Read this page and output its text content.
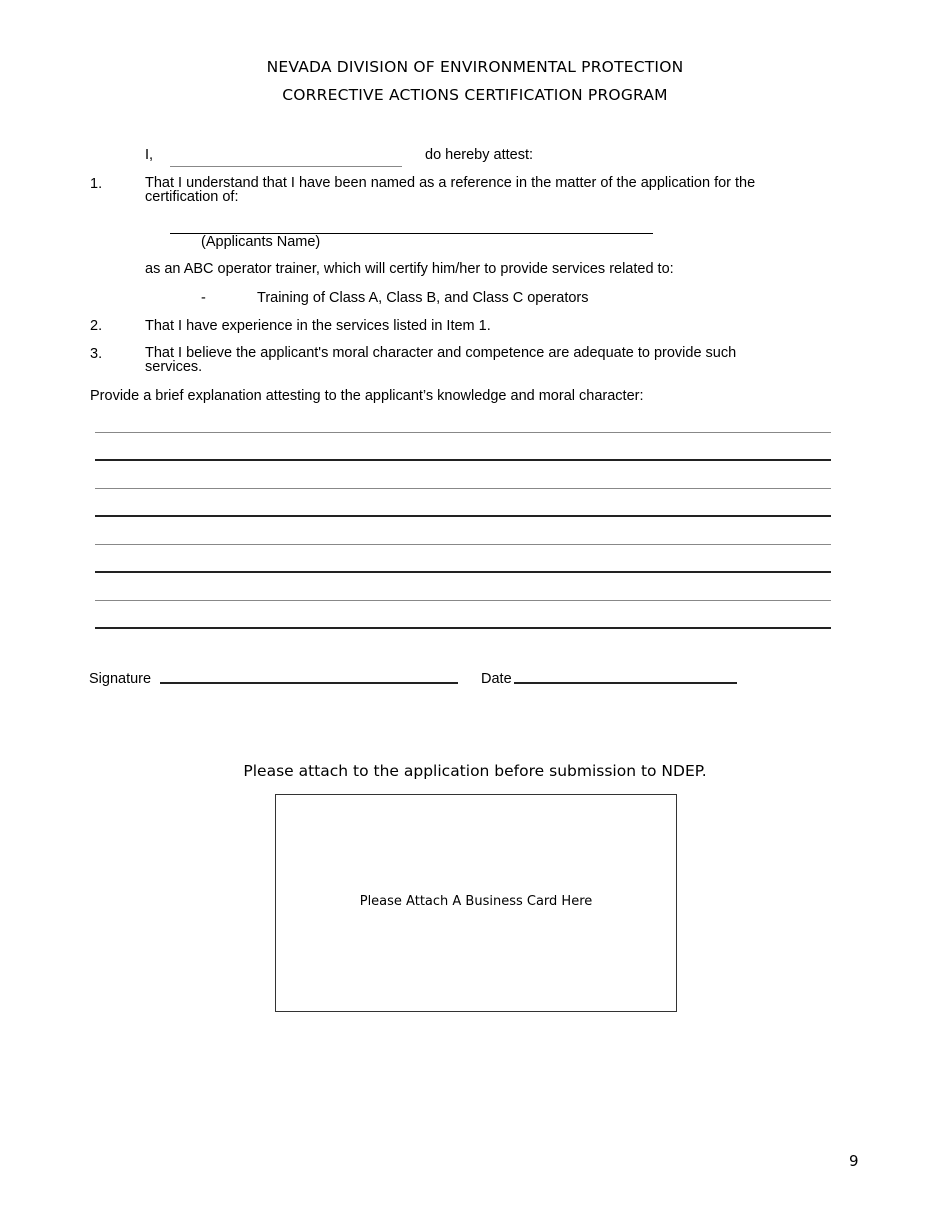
NEVADA DIVISION OF ENVIRONMENTAL PROTECTION
CORRECTIVE ACTIONS CERTIFICATION PROGRAM
I,	do hereby attest:
1.	That I understand that I have been named as a reference in the matter of the application for the
certification of:
(Applicants Name)
as an ABC operator trainer, which will certify him/her to provide services related to:
-	Training of Class A, Class B, and Class C operators
2.	That I have experience in the services listed in Item 1.
3.	That I believe the applicant's moral character and competence are adequate to provide such
services.
Provide a brief explanation attesting to the applicant’s knowledge and moral character:
Signature	Date
Please attach to the application before submission to NDEP.
Please Attach A Business Card Here
9
